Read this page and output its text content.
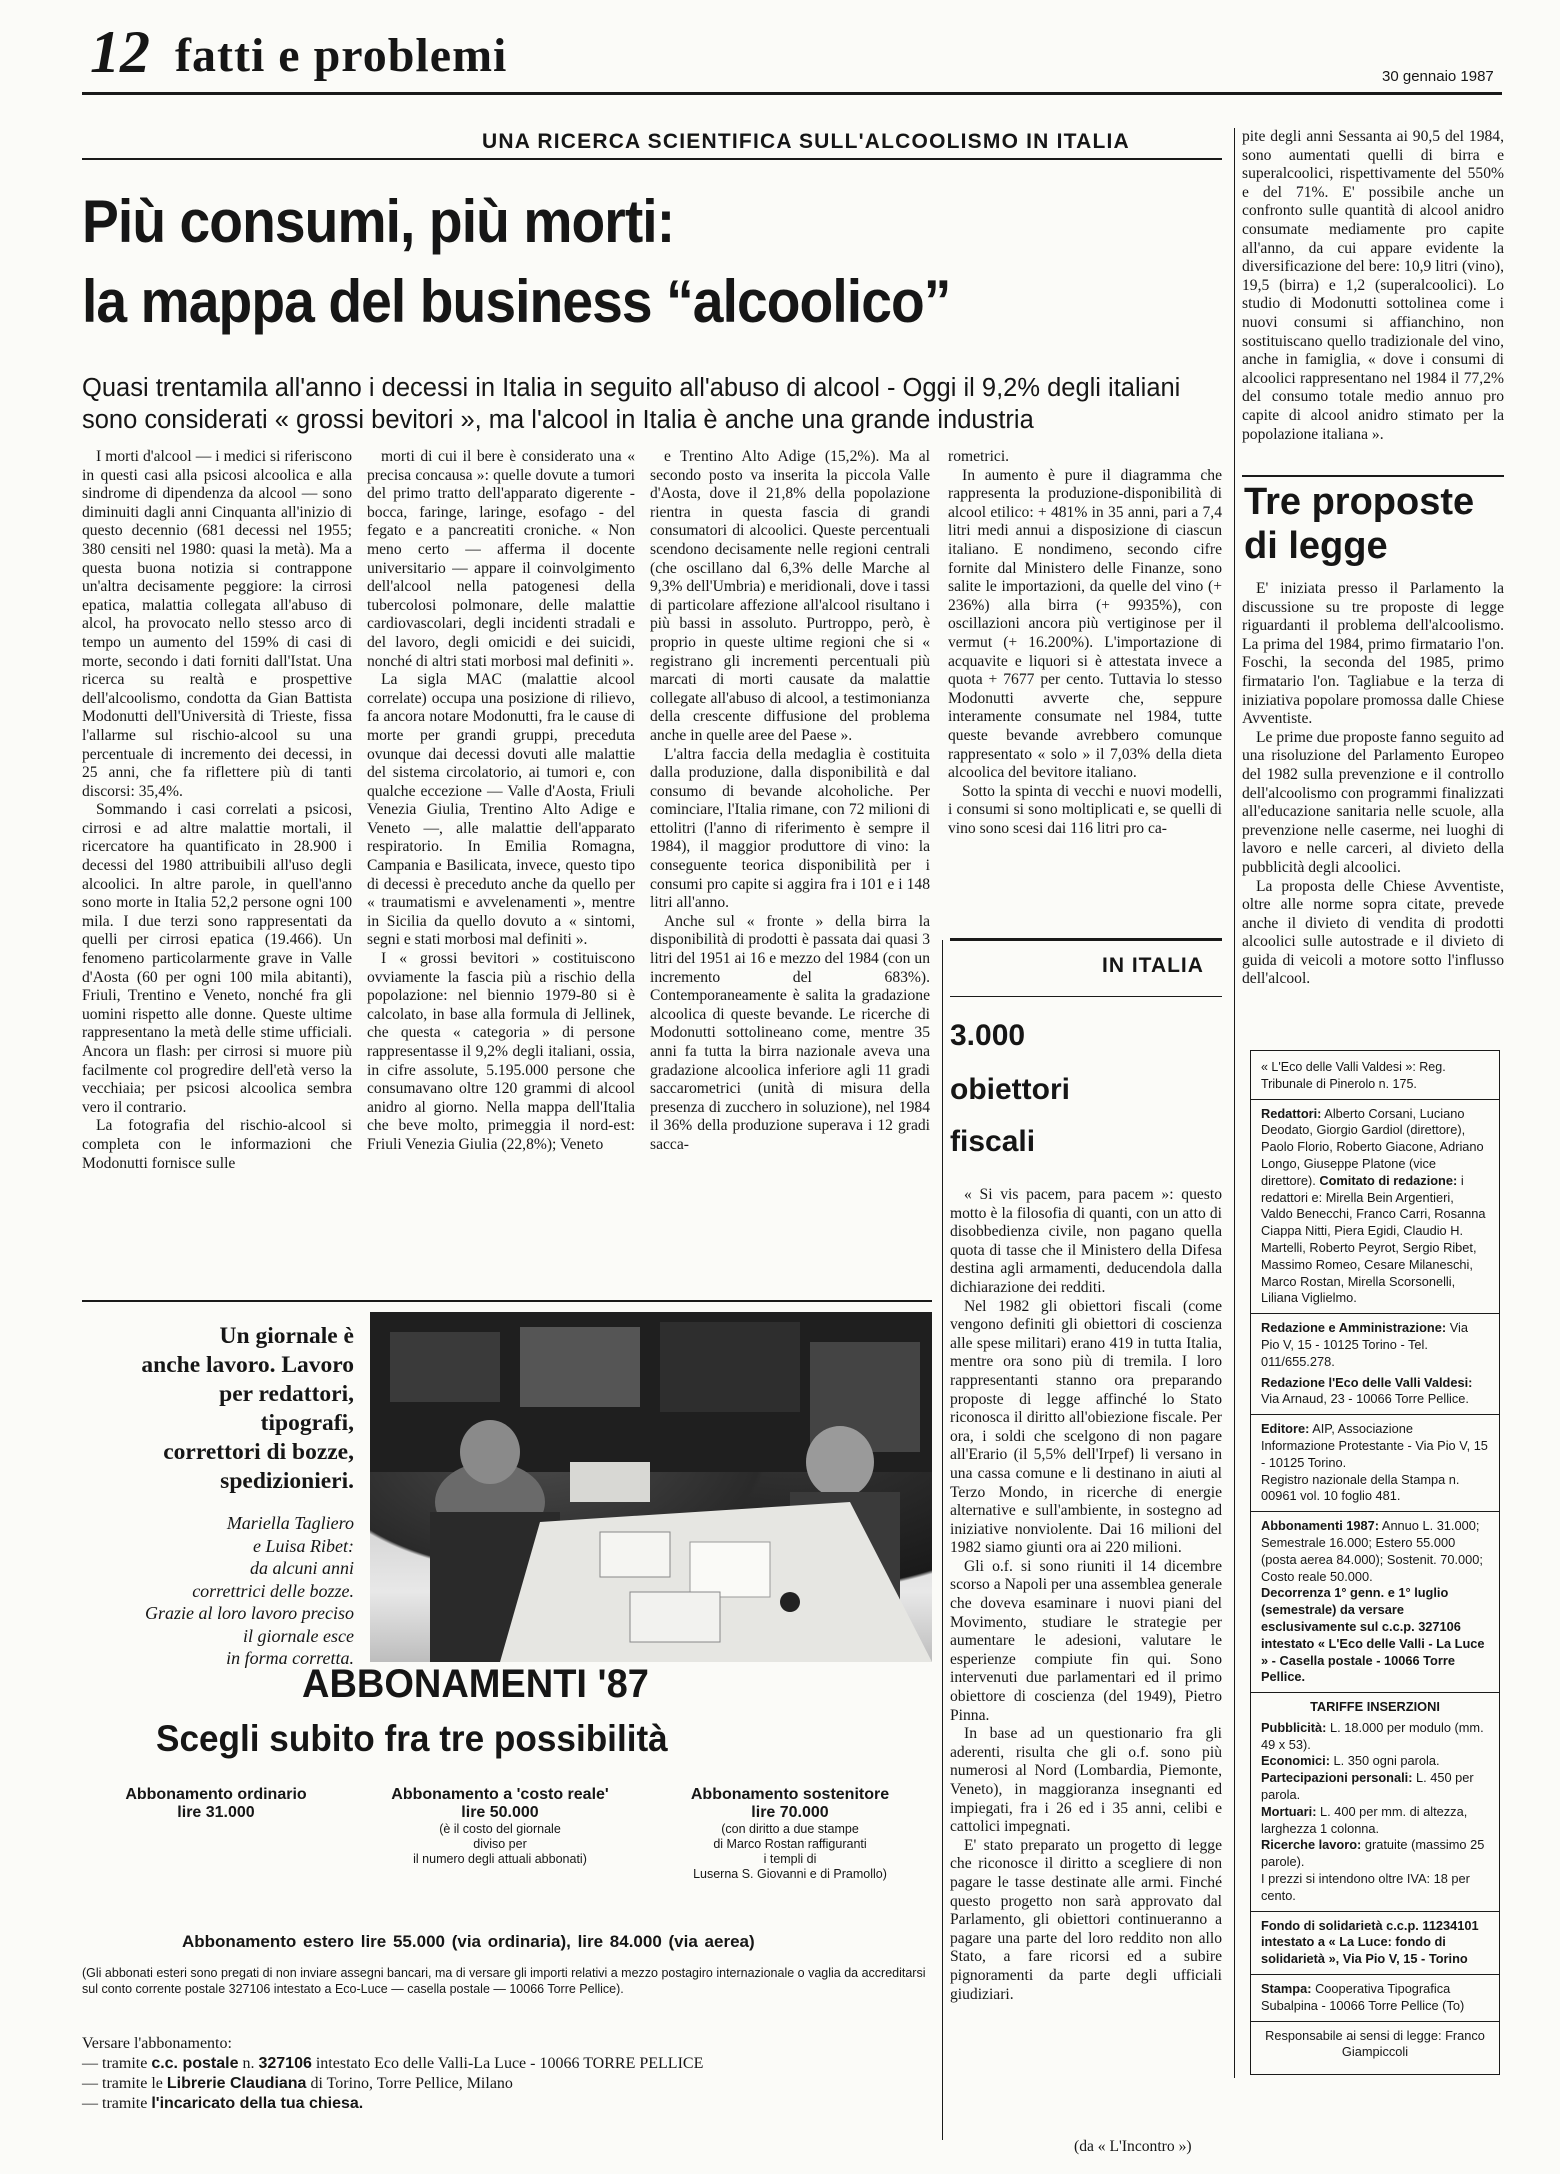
12 fatti e problemi	30 gennaio 1987
UNA RICERCA SCIENTIFICA SULL'ALCOOLISMO IN ITALIA
Più consumi, più morti:
la mappa del business “alcoolico”
Quasi trentamila all'anno i decessi in Italia in seguito all'abuso di alcool - Oggi il 9,2% degli italiani sono considerati « grossi bevitori », ma l'alcool in Italia è anche una grande industria

I morti d'alcool — i medici si riferiscono in questi casi alla psicosi alcoolica e alla sindrome di dipendenza da alcool — sono diminuiti dagli anni Cinquanta all'inizio di questo decennio (681 decessi nel 1955; 380 censiti nel 1980: quasi la metà). Ma a questa buona notizia si contrappone un'altra decisamente peggiore: la cirrosi epatica, malattia collegata all'abuso di alcol, ha provocato nello stesso arco di tempo un aumento del 159% di casi di morte, secondo i dati forniti dall'Istat. Una ricerca su realtà e prospettive dell'alcoolismo, condotta da Gian Battista Modonutti dell'Università di Trieste, fissa l'allarme sul rischio-alcool su una percentuale di incremento dei decessi, in 25 anni, che fa riflettere più di tanti discorsi: 35,4%.

Sommando i casi correlati a psicosi, cirrosi e ad altre malattie mortali, il ricercatore ha quantificato in 28.900 i decessi del 1980 attribuibili all'uso degli alcoolici. In altre parole, in quell'anno sono morte in Italia 52,2 persone ogni 100 mila. I due terzi sono rappresentati da quelli per cirrosi epatica (19.466). Un fenomeno particolarmente grave in Valle d'Aosta (60 per ogni 100 mila abitanti), Friuli, Trentino e Veneto, nonché fra gli uomini rispetto alle donne. Queste ultime rappresentano la metà delle stime ufficiali. Ancora un flash: per cirrosi si muore più facilmente col progredire dell'età verso la vecchiaia; per psicosi alcoolica sembra vero il contrario.

La fotografia del rischio-alcool si completa con le informazioni che Modonutti fornisce sulle

morti di cui il bere è considerato una « precisa concausa »: quelle dovute a tumori del primo tratto dell'apparato digerente - bocca, faringe, laringe, esofago - del fegato e a pancreatiti croniche. « Non meno certo — afferma il docente universitario — appare il coinvolgimento dell'alcool nella patogenesi della tubercolosi polmonare, delle malattie cardiovascolari, degli incidenti stradali e del lavoro, degli omicidi e dei suicidi, nonché di altri stati morbosi mal definiti ».

La sigla MAC (malattie alcool correlate) occupa una posizione di rilievo, fa ancora notare Modonutti, fra le cause di morte per grandi gruppi, preceduta ovunque dai decessi dovuti alle malattie del sistema circolatorio, ai tumori e, con qualche eccezione — Valle d'Aosta, Friuli Venezia Giulia, Trentino Alto Adige e Veneto —, alle malattie dell'apparato respiratorio. In Emilia Romagna, Campania e Basilicata, invece, questo tipo di decessi è preceduto anche da quello per « traumatismi e avvelenamenti », mentre in Sicilia da quello dovuto a « sintomi, segni e stati morbosi mal definiti ».

I « grossi bevitori » costituiscono ovviamente la fascia più a rischio della popolazione: nel biennio 1979-80 si è calcolato, in base alla formula di Jellinek, che questa « categoria » di persone rappresentasse il 9,2% degli italiani, ossia, in cifre assolute, 5.195.000 persone che consumavano oltre 120 grammi di alcool anidro al giorno. Nella mappa dell'Italia che beve molto, primeggia il nord-est: Friuli Venezia Giulia (22,8%); Veneto

e Trentino Alto Adige (15,2%). Ma al secondo posto va inserita la piccola Valle d'Aosta, dove il 21,8% della popolazione rientra in questa fascia di grandi consumatori di alcoolici. Queste percentuali scendono decisamente nelle regioni centrali (che oscillano dal 6,3% delle Marche al 9,3% dell'Umbria) e meridionali, dove i tassi di particolare affezione all'alcool risultano i più bassi in assoluto. Purtroppo, però, è proprio in queste ultime regioni che si « registrano gli incrementi percentuali più marcati di morti causate da malattie collegate all'abuso di alcool, a testimonianza della crescente diffusione del problema anche in quelle aree del Paese ».

L'altra faccia della medaglia è costituita dalla produzione, dalla disponibilità e dal consumo di bevande alcoholiche. Per cominciare, l'Italia rimane, con 72 milioni di ettolitri (l'anno di riferimento è sempre il 1984), il maggior produttore di vino: la conseguente teorica disponibilità per i consumi pro capite si aggira fra i 101 e i 148 litri all'anno.

Anche sul « fronte » della birra la disponibilità di prodotti è passata dai quasi 3 litri del 1951 ai 16 e mezzo del 1984 (con un incremento del 683%). Contemporaneamente è salita la gradazione alcoolica di queste bevande. Le ricerche di Modonutti sottolineano come, mentre 35 anni fa tutta la birra nazionale aveva una gradazione alcoolica inferiore agli 11 gradi saccarometrici (unità di misura della presenza di zucchero in soluzione), nel 1984 il 36% della produzione superava i 12 gradi sacca-

rometrici.

In aumento è pure il diagramma che rappresenta la produzione-disponibilità di alcool etilico: + 481% in 35 anni, pari a 7,4 litri medi annui a disposizione di ciascun italiano. E nondimeno, secondo cifre fornite dal Ministero delle Finanze, sono salite le importazioni, da quelle del vino (+ 236%) alla birra (+ 9935%), con oscillazioni ancora più vertiginose per il vermut (+ 16.200%). L'importazione di acquavite e liquori si è attestata invece a quota + 7677 per cento. Tuttavia lo stesso Modonutti avverte che, seppure interamente consumate nel 1984, tutte queste bevande avrebbero comunque rappresentato « solo » il 7,03% della dieta alcoolica del bevitore italiano.

Sotto la spinta di vecchi e nuovi modelli, i consumi si sono moltiplicati e, se quelli di vino sono scesi dai 116 litri pro ca-

pite degli anni Sessanta ai 90,5 del 1984, sono aumentati quelli di birra e superalcoolici, rispettivamente del 550% e del 71%. E' possibile anche un confronto sulle quantità di alcool anidro consumate mediamente pro capite all'anno, da cui appare evidente la diversificazione del bere: 10,9 litri (vino), 19,5 (birra) e 1,2 (superalcoolici). Lo studio di Modonutti sottolinea come i nuovi consumi si affianchino, non sostituiscano quello tradizionale del vino, anche in famiglia, « dove i consumi di alcoolici rappresentano nel 1984 il 77,2% del consumo totale medio annuo pro capite di alcool anidro stimato per la popolazione italiana ».

Tre proposte
di legge

E' iniziata presso il Parlamento la discussione su tre proposte di legge riguardanti il problema dell'alcoolismo. La prima del 1984, primo firmatario l'on. Foschi, la seconda del 1985, primo firmatario l'on. Tagliabue e la terza di iniziativa popolare promossa dalle Chiese Avventiste.

Le prime due proposte fanno seguito ad una risoluzione del Parlamento Europeo del 1982 sulla prevenzione e il controllo dell'alcoolismo con programmi finalizzati all'educazione sanitaria nelle scuole, alla prevenzione nelle caserme, nei luoghi di lavoro e nelle carceri, al divieto della pubblicità degli alcoolici.

La proposta delle Chiese Avventiste, oltre alle norme sopra citate, prevede anche il divieto di vendita di prodotti alcoolici sulle autostrade e il divieto di guida di veicoli a motore sotto l'influsso dell'alcool.

« L'Eco delle Valli Valdesi »: Reg. Tribunale di Pinerolo n. 175.

Redattori: Alberto Corsani, Luciano Deodato, Giorgio Gardiol (direttore), Paolo Florio, Roberto Giacone, Adriano Longo, Giuseppe Platone (vice direttore). Comitato di redazione: i redattori e: Mirella Bein Argentieri, Valdo Benecchi, Franco Carri, Rosanna Ciappa Nitti, Piera Egidi, Claudio H. Martelli, Roberto Peyrot, Sergio Ribet, Massimo Romeo, Cesare Milaneschi, Marco Rostan, Mirella Scorsonelli, Liliana Viglielmo.

Redazione e Amministrazione: Via Pio V, 15 - 10125 Torino - Tel. 011/655.278.

Redazione l'Eco delle Valli Valdesi: Via Arnaud, 23 - 10066 Torre Pellice.

Editore: AIP, Associazione Informazione Protestante - Via Pio V, 15 - 10125 Torino.

Registro nazionale della Stampa n. 00961 vol. 10 foglio 481.

Abbonamenti 1987: Annuo L. 31.000; Semestrale 16.000; Estero 55.000 (posta aerea 84.000); Sostenit. 70.000; Costo reale 50.000.

Decorrenza 1° genn. e 1° luglio (semestrale) da versare esclusivamente sul c.c.p. 327106 intestato « L'Eco delle Valli - La Luce » - Casella postale - 10066 Torre Pellice.

TARIFFE INSERZIONI

Pubblicità: L. 18.000 per modulo (mm. 49 x 53).

Economici: L. 350 ogni parola.

Partecipazioni personali: L. 450 per parola.

Mortuari: L. 400 per mm. di altezza, larghezza 1 colonna.

Ricerche lavoro: gratuite (massimo 25 parole).

I prezzi si intendono oltre IVA: 18 per cento.

Fondo di solidarietà c.c.p. 11234101 intestato a « La Luce: fondo di solidarietà », Via Pio V, 15 - Torino

Stampa: Cooperativa Tipografica Subalpina - 10066 Torre Pellice (To)

Responsabile ai sensi di legge: Franco Giampiccoli

IN ITALIA
3.000
obiettori
fiscali

« Si vis pacem, para pacem »: questo motto è la filosofia di quanti, con un atto di disobbedienza civile, non pagano quella quota di tasse che il Ministero della Difesa destina agli armamenti, deducendola dalla dichiarazione dei redditi.

Nel 1982 gli obiettori fiscali (come vengono definiti gli obiettori di coscienza alle spese militari) erano 419 in tutta Italia, mentre ora sono più di tremila. I loro rappresentanti stanno ora preparando proposte di legge affinché lo Stato riconosca il diritto all'obiezione fiscale. Per ora, i soldi che scelgono di non pagare all'Erario (il 5,5% dell'Irpef) li versano in una cassa comune e li destinano in aiuti al Terzo Mondo, in ricerche di energie alternative e sull'ambiente, in sostegno ad iniziative nonviolente. Dai 16 milioni del 1982 siamo giunti ora ai 220 milioni.

Gli o.f. si sono riuniti il 14 dicembre scorso a Napoli per una assemblea generale che doveva esaminare i nuovi piani del Movimento, studiare le strategie per aumentare le adesioni, valutare le esperienze compiute fin qui. Sono intervenuti due parlamentari ed il primo obiettore di coscienza (del 1949), Pietro Pinna.

In base ad un questionario fra gli aderenti, risulta che gli o.f. sono più numerosi al Nord (Lombardia, Piemonte, Veneto), in maggioranza insegnanti ed impiegati, fra i 26 ed i 35 anni, celibi e cattolici impegnati.

E' stato preparato un progetto di legge che riconosce il diritto a scegliere di non pagare le tasse destinate alle armi. Finché questo progetto non sarà approvato dal Parlamento, gli obiettori continueranno a pagare una parte del loro reddito non allo Stato, a fare ricorsi ed a subire pignoramenti da parte degli ufficiali giudiziari.

(da « L'Incontro »)
Un giornale è
anche lavoro. Lavoro
per redattori,
tipografi,
correttori di bozze,
spedizionieri.
Mariella Tagliero
e Luisa Ribet:
da alcuni anni
correttrici delle bozze.
Grazie al loro lavoro preciso
il giornale esce
in forma corretta.
ABBONAMENTI '87
Scegli subito fra tre possibilità
Abbonamento ordinario
lire 31.000
Abbonamento a 'costo reale'
lire 50.000
(è il costo del giornale
diviso per
il numero degli attuali abbonati)
Abbonamento sostenitore
lire 70.000
(con diritto a due stampe
di Marco Rostan raffiguranti
i templi di
Luserna S. Giovanni e di Pramollo)
Abbonamento estero lire 55.000 (via ordinaria), lire 84.000 (via aerea)
(Gli abbonati esteri sono pregati di non inviare assegni bancari, ma di versare gli importi relativi a mezzo postagiro internazionale o vaglia da accreditarsi sul conto corrente postale 327106 intestato a Eco-Luce — casella postale — 10066 Torre Pellice).
Versare l'abbonamento:
— tramite c.c. postale n. 327106 intestato Eco delle Valli-La Luce - 10066 TORRE PELLICE
— tramite le Librerie Claudiana di Torino, Torre Pellice, Milano
— tramite l'incaricato della tua chiesa.
